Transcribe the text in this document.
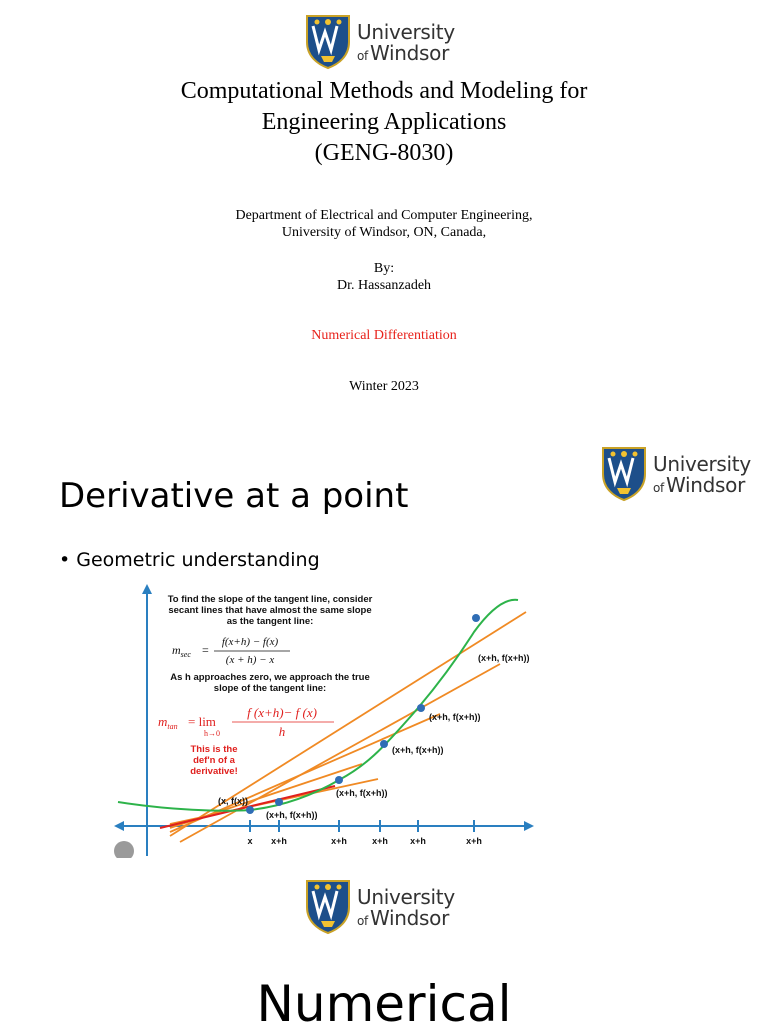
University
of Windsor
Computational Methods and Modeling for
Engineering Applications
(GENG-8030)
Department of Electrical and Computer Engineering,
University of Windsor, ON, Canada,
By:
Dr. Hassanzadeh
Numerical Differentiation
Winter 2023
University
of Windsor
Derivative at a point
• Geometric understanding
x x+h	x+h	x+h x+h	x+h
(x, f(x))
(x+h, f(x+h))
(x+h, f(x+h))
(x+h, f(x+h))
(x+h, f(x+h))
(x+h, f(x+h))
To find the slope of the tangent line, consider
secant lines that have almost the same slope
as the tangent line:
$m_{sec}$ =
f(x+h) − f(x)
(x + h) − x
As h approaches zero, we approach the true
slope of the tangent line:
$m_{tan} = \lim$
h→0
f (x+h)− f (x)
h
This is the
def'n of a
derivative!
University
of Windsor
Numerical
